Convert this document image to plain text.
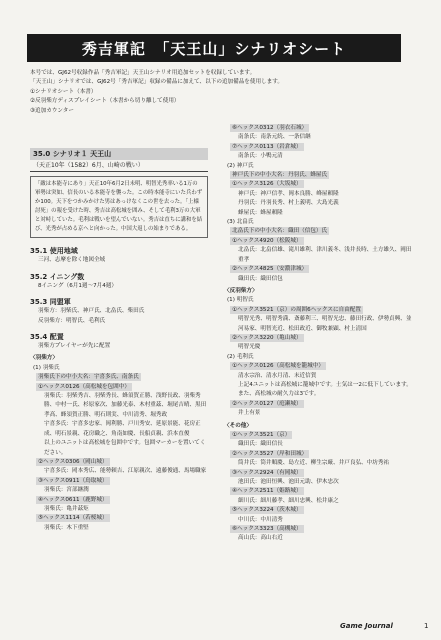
秀吉軍記　「天王山」シナリオシート

本号では、GJ62号収録作品「秀吉軍記」天王山シナリオ用追加セットを収録しています。

「天王山」シナリオでは、GJ62号「秀吉軍記」収録の備品に加えて、以下の追加備品を使用します。

①シナリオシート（本書）

②反羽柴方ディスプレイシート（本書から切り離して使用）

③追加カウンター

35.0 シナリオ１ 天王山
（天正10年（1582）6月、山崎の戦い）
「敵は本能寺にあり」天正10年6月2日未明、明智光秀率いる1万の軍勢は突如、信長のいる本能寺を襲った。この時本能寺にいた兵わずか100。天下をつかみかけた男はあっけなくこの世を去った。「上様討死」の報を受けた時、秀吉は高松城を囲み、そして毛利3万の大軍と対峙していた。毛利は戦いを望んでいない。秀吉は直ちに講和を結び、光秀が占める京へと向かった。中国大返しの始まりである。
35.1 使用地域
三河、志摩を除く地図全域
35.2 イニング数
8イニング（6月1週〜7月4週）
35.3 同盟軍
羽柴方：羽柴氏、神戸氏、北畠氏、柴田氏
反羽柴方：明智氏、毛利氏
35.4 配置
羽柴方プレイヤーが先に配置
〈羽柴方〉
(1) 羽柴氏
羽柴氏下の中小大名：宇喜多氏、南条氏
①ヘックス0126（高松城を包囲中）
羽柴氏：羽柴秀吉、羽柴秀長、蜂須賀正勝、浅野長政、羽柴秀勝、中村一氏、杉原家次、加藤光泰、木村重茲、堀尾吉晴、黒田孝高、蜂須賀正勝、明石則実、中川清秀、堀秀政
宇喜多氏：宇喜多忠家、岡利勝、戸川秀安、延原景能、花房正成、明石景親、花房職之、角南如慶、長船貞親、浜本直俊
以上のユニットは高松城を包囲中です。包囲マーカーを置いてください。
②ヘックス0306（岡山城）
宇喜多氏：岡本秀広、能勢頼吉、江原親次、遠藤俊通、馬場職家
③ヘックス0911（鳥取城）
羽柴氏：宮部継潤
④ヘックス0611（鹿野城）
羽柴氏：亀井茲矩
⑤ヘックス1114（若桜城）
羽柴氏：木下重堅
⑥ヘックス0312（羽衣石城）
南条氏：南条元続、一条信継
⑦ヘックス0113（岩倉城）
南条氏：小鴨元清
(2) 神戸氏
神戸氏下の中小大名：丹羽氏、蜂屋氏
①ヘックス3126（大坂城）
神戸氏：神戸信孝、岡本良勝、峰屋頼隆
丹羽氏：丹羽長秀、村上義明、大島光義
蜂屋氏：蜂屋頼隆
(3) 北畠氏
北畠氏下の中小大名：織田（信包）氏
①ヘックス4920（松阪城）
北畠氏：北畠信雄、滝川雄利、津川義冬、浅井長時、土方雄久、岡田重孝
②ヘックス4825（安濃津城）
織田氏：織田信包
〈反羽柴方〉
(1) 明智氏
①ヘックス3521（京）の周囲6ヘックスに自由配置
明智光秀、明智秀満、斎藤利三、明智光忠、藤田行政、伊勢貞興、並河易家、明智光近、松田政近、御牧兼顕、村上清国
②ヘックス3220（亀山城）
明智光慶
(2) 毛利氏
①ヘックス0126（高松城を籠城中）
清水宗治、清水月清、末近信賀
上記4ユニットは高松城に籠城中です。士気は一2に低下しています。また、高松城の耐久力は3です。
②ヘックス0127（庭瀬城）
井上有景
〈その他〉
①ヘックス3521（京）
織田氏：織田信長
②ヘックス3527（岸和田城）
筒井氏：筒井順慶、島左近、柳生宗厳、井戸良弘、中坊秀祐
③ヘックス2924（有岡城）
池田氏：池田恒興、池田元助、伊木忠次
④ヘックス2511（姫路城）
細川氏：細川藤孝、細川忠興、松井康之
⑤ヘックス3224（茨木城）
中川氏：中川清秀
⑥ヘックス3323（高槻城）
高山氏：高山右近
Game Journal	1
